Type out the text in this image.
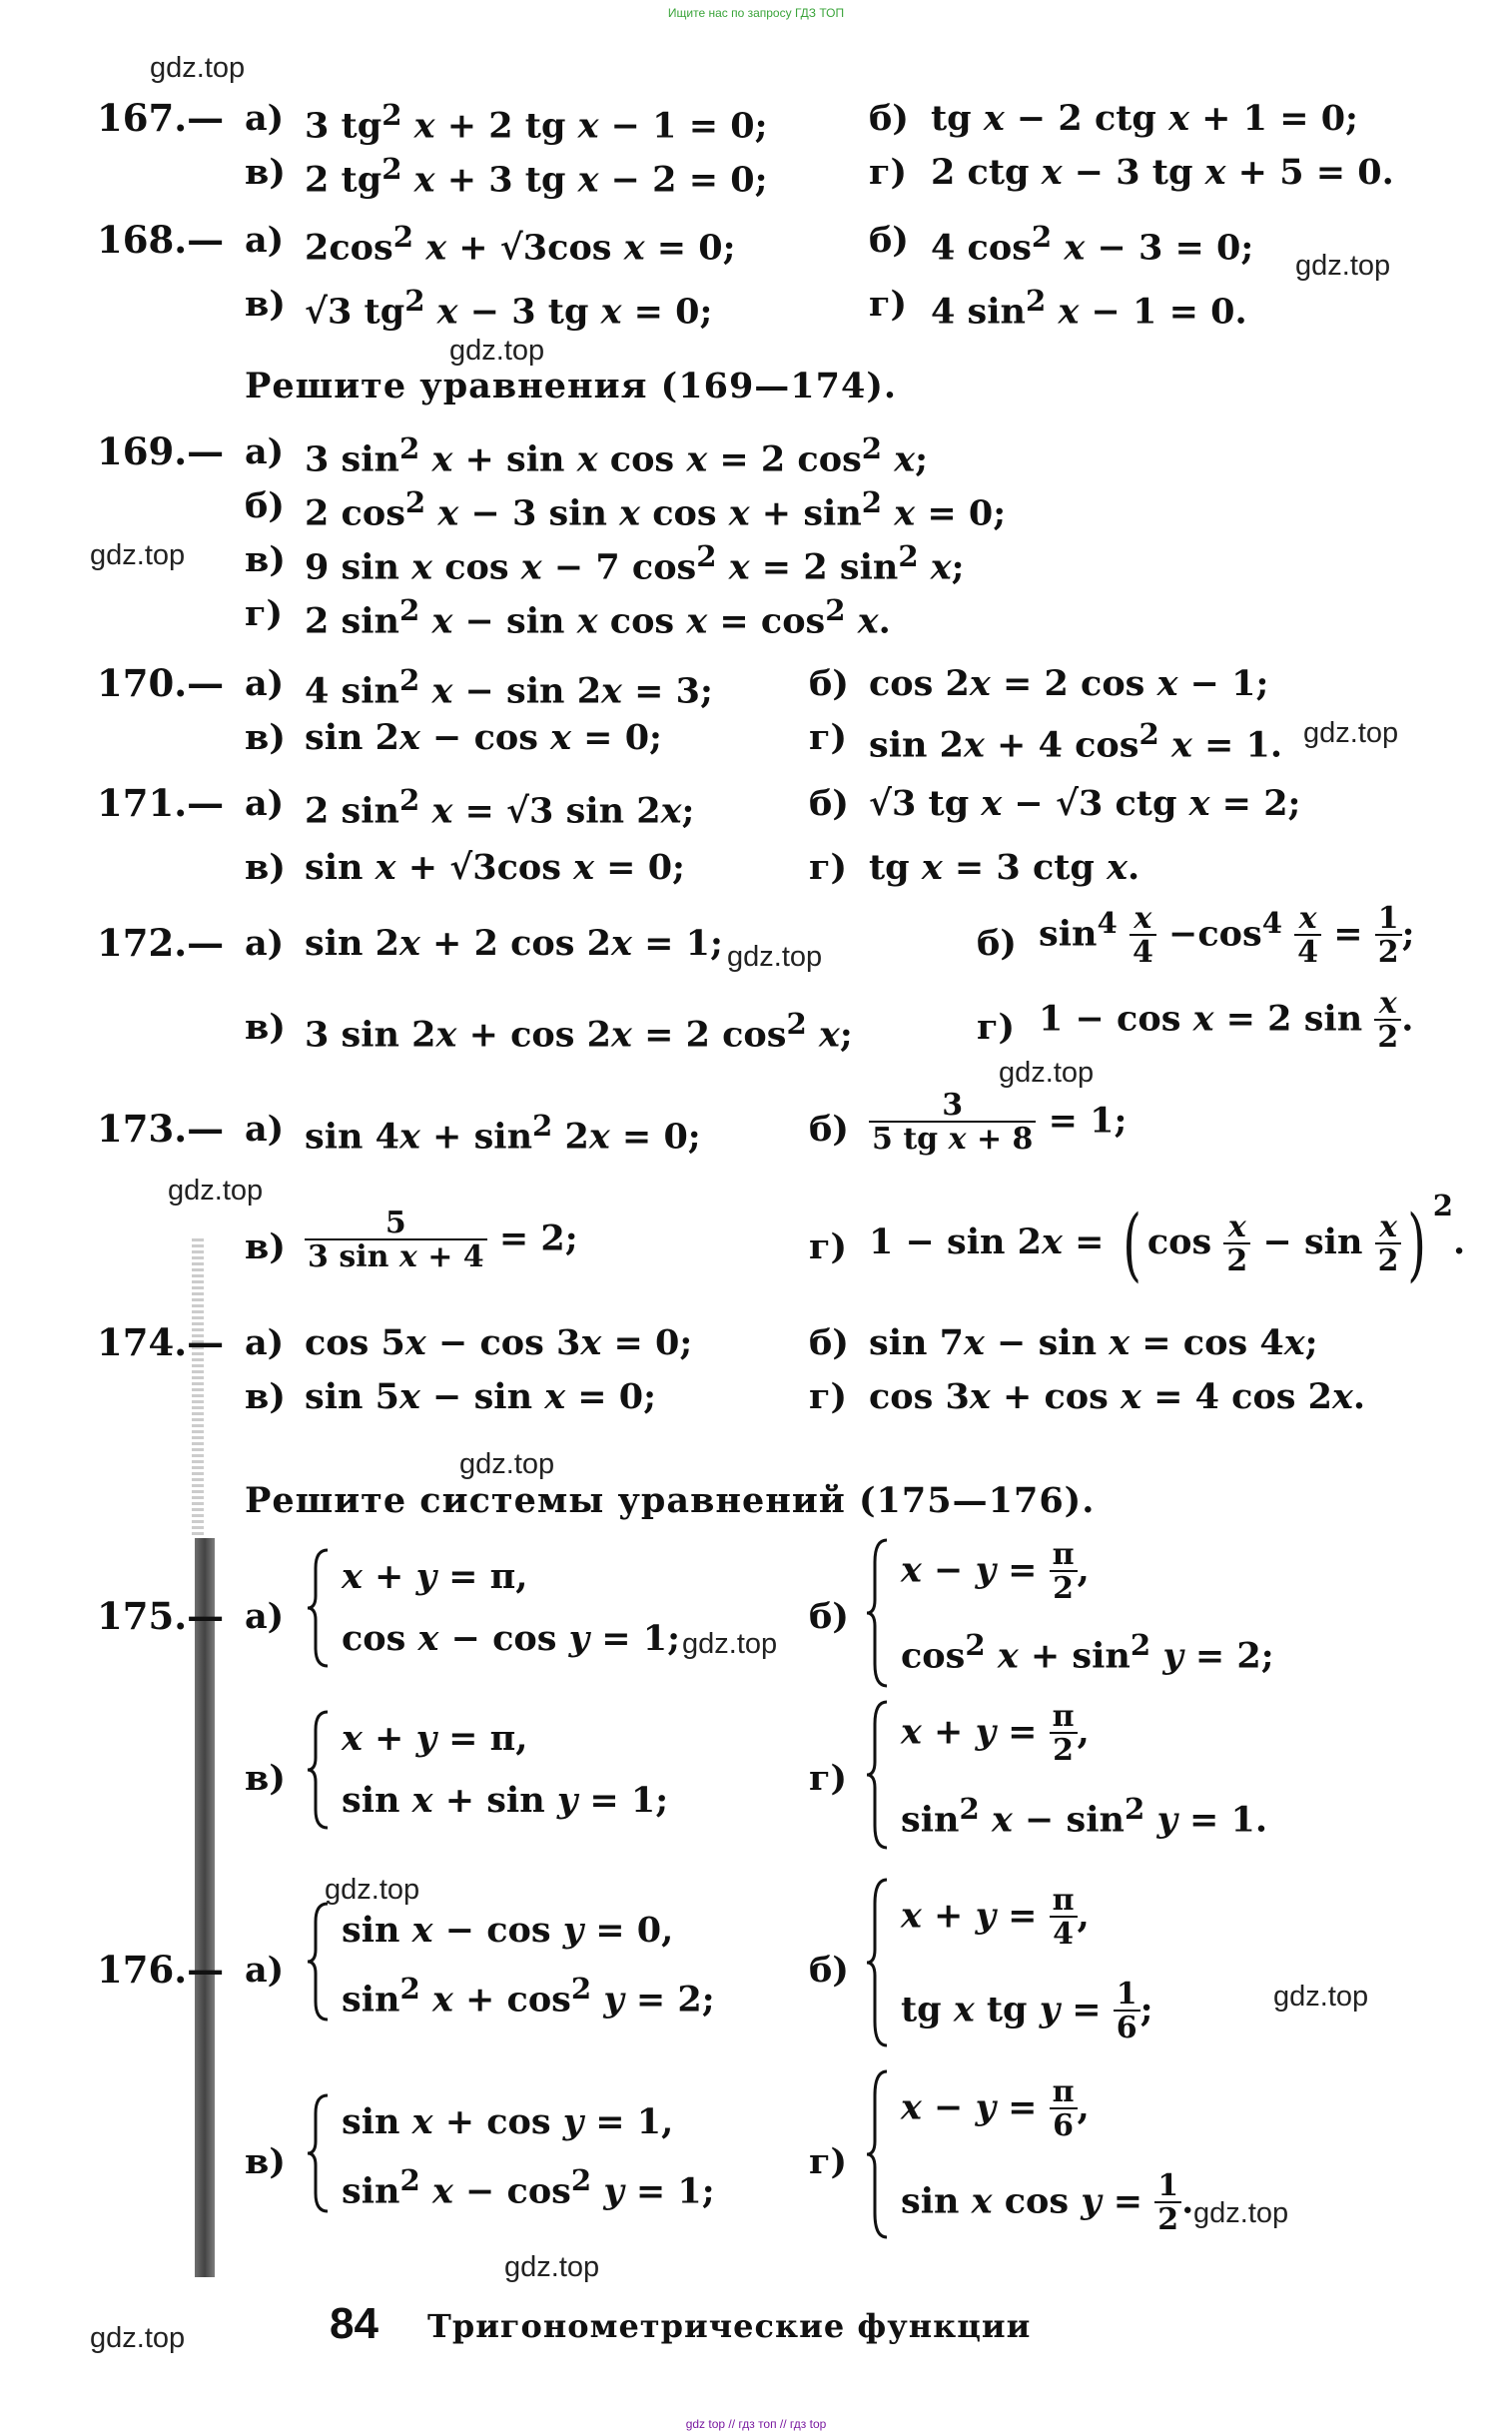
Ищите нас по запросу ГДЗ ТОП
gdz.top
gdz.top
gdz.top
gdz.top
gdz.top
gdz.top
gdz.top
gdz.top
gdz.top
gdz.top
gdz.top
gdz.top
gdz.top
gdz.top
gdz.top
167.— а) 3 $tg^2$ x + 2 tg x − 1 = 0;	б) tg x − 2 ctg x + 1 = 0;
в) 2 $tg^2$ x + 3 tg x − 2 = 0;	г) 2 ctg x − 3 tg x + 5 = 0.
168.— а) $2\cos^2$ x + √3cos x = 0;	б) 4 $\cos^2 x - 3 = 0$;
в) √3 $tg^2$ x − 3 tg x = 0;	г) 4 $\sin^2 x - 1 = 0$.
Решите уравнения (169—174).
169.— а) 3 $\sin^2 x + \sin x$ cos x = 2 $\cos^2 x$;
б) 2 $\cos^2 x - 3$ sin x $\cos x + \sin^2 x = 0$;
в) 9 sin x cos x − 7 $\cos^2 x = 2$ $\sin^2 x$;
г) 2 $\sin^2 x - \sin x$ $\cos x = \cos^2 x$.
170.— а) 4 $\sin^2 x - \sin 2x = 3$;	б) cos 2x = 2 cos x − 1;
в) sin 2x − cos x = 0;	г) sin 2x + 4 $\cos^2 x = 1$.
171.— а) 2 $\sin^2 x = √3$ sin 2x;	б) √3 tg x − √3 ctg x = 2;
в) sin x + √3cos x = 0;	г) tg x = 3 ctg x.
172.— а) sin 2x + 2 cos 2x = 1;	б) $\sin^4 \frac{x}{4} -\cos^4 \frac{x}{4} = \frac{1}{2}$ ;
в) 3 sin 2x + cos 2x = 2 $\cos^2 x$;	г) 1 − cos x = 2 $\sin \frac{x}{2}$ .
173.— а) $\sin 4x + \sin^2 2x = 0$;	$б) \frac{3}{\text{5 tg x + 8}} = 1$;
$в) \frac{5}{\text{3 sin x + 4}} = 2$;	г) 1 − sin 2x = ( $\cos \frac{x}{2} - \sin \frac{x}{2}$ ) $^2$.
174.— а) cos 5x − cos 3x = 0;	б) sin 7x − sin x = cos 4x;
в) sin 5x − sin x = 0;	г) cos 3x + cos x = 4 cos 2x.
Решите системы уравнений (175—176).
175.— а)
x + y = π,
cos x − cos y = 1;
б)
$x - y = \frac{\pi}{2}$ ,
$\cos^2 x + \sin^2 y = 2$;
в)
x + y = π,
sin x + sin y = 1;
г)
$x + y = \frac{\pi}{2}$ ,
$\sin^2 x - \sin^2 y = 1$.
176.— а)
sin x − cos y = 0,
$\sin^2 x + \cos^2 y = 2$;
б)
$x + y = \frac{\pi}{4}$ ,
tg x tg $y = \frac{1}{6}$ ;
в)
sin x + cos y = 1,
$\sin^2 x - \cos^2 y = 1$;
г)
$x - y = \frac{\pi}{6}$ ,
sin x $\cos y = \frac{1}{2}$ .
84 Тригонометрические функции
gdz top // гдз топ // гдз top
